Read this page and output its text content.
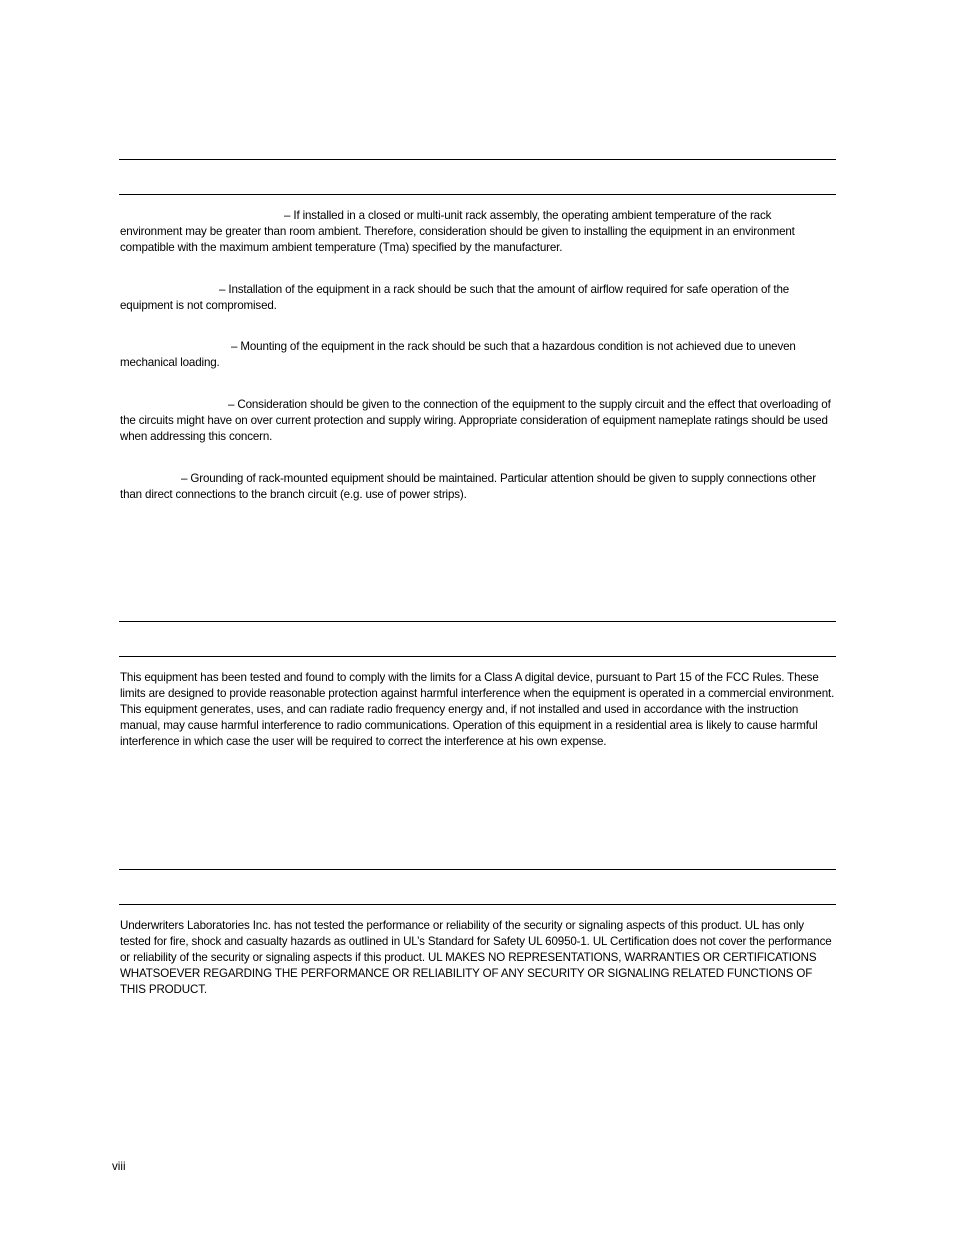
– If installed in a closed or multi-unit rack assembly, the operating ambient temperature of the rack environment may be greater than room ambient. Therefore, consideration should be given to installing the equipment in an environment compatible with the maximum ambient temperature (Tma) specified by the manufacturer.

– Installation of the equipment in a rack should be such that the amount of airflow required for safe operation of the equipment is not compromised.

– Mounting of the equipment in the rack should be such that a hazardous condition is not achieved due to uneven mechanical loading.

– Consideration should be given to the connection of the equipment to the supply circuit and the effect that overloading of the circuits might have on over current protection and supply wiring. Appropriate consideration of equipment nameplate ratings should be used when addressing this concern.

– Grounding of rack-mounted equipment should be maintained. Particular attention should be given to supply connections other than direct connections to the branch circuit (e.g. use of power strips).

This equipment has been tested and found to comply with the limits for a Class A digital device, pursuant to Part 15 of the FCC Rules. These limits are designed to provide reasonable protection against harmful interference when the equipment is operated in a commercial environment. This equipment generates, uses, and can radiate radio frequency energy and, if not installed and used in accordance with the instruction manual, may cause harmful interference to radio communications. Operation of this equipment in a residential area is likely to cause harmful interference in which case the user will be required to correct the interference at his own expense.

Underwriters Laboratories Inc. has not tested the performance or reliability of the security or signaling aspects of this product. UL has only tested for fire, shock and casualty hazards as outlined in UL’s Standard for Safety UL 60950-1. UL Certification does not cover the performance or reliability of the security or signaling aspects if this product. UL MAKES NO REPRESENTATIONS, WARRANTIES OR CERTIFICATIONS WHATSOEVER REGARDING THE PERFORMANCE OR RELIABILITY OF ANY SECURITY OR SIGNALING RELATED FUNCTIONS OF THIS PRODUCT.

viii
